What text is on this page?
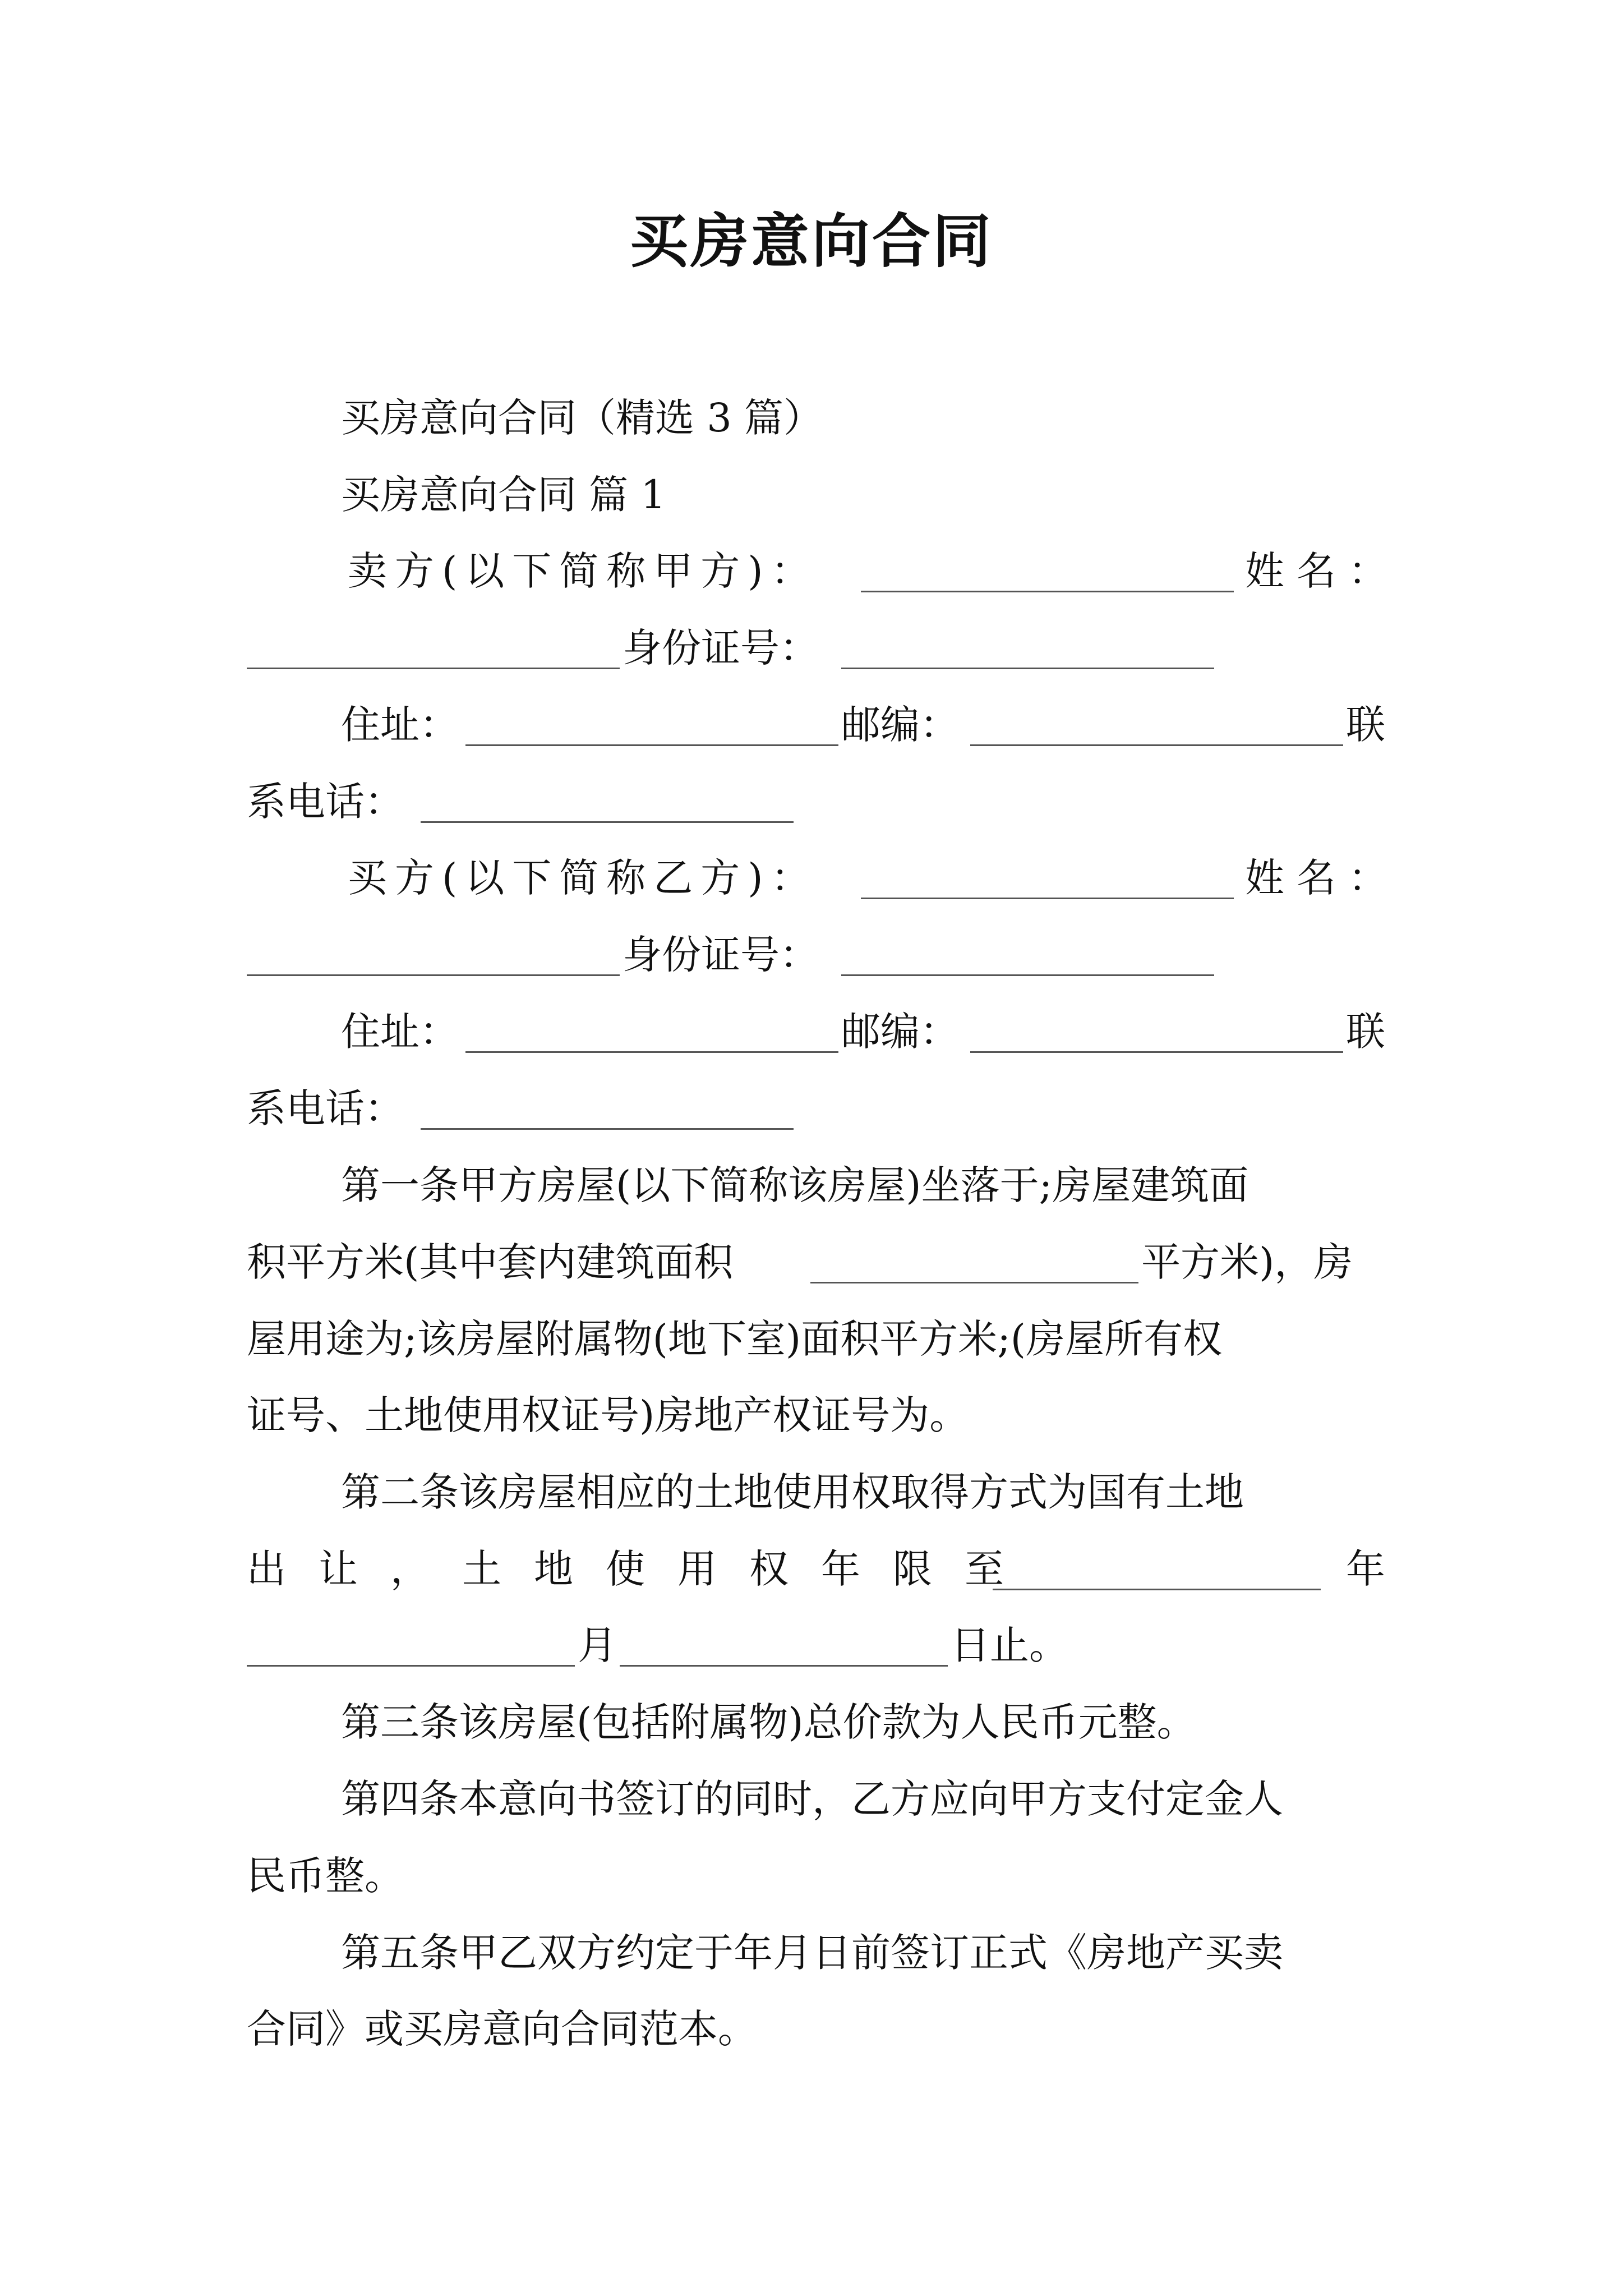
买房意向合同
买房意向合同（精选 3 篇）
买房意向合同 篇 1
卖方(以下简称甲方)：	姓名：
身份证号：
住址：	邮编：	联
系电话：
买方(以下简称乙方)：	姓名：
身份证号：
住址：	邮编：	联
系电话：
第一条甲方房屋(以下简称该房屋)坐落于;房屋建筑面
积平方米(其中套内建筑面积	平方米)，房
屋用途为;该房屋附属物(地下室)面积平方米;(房屋所有权
证号、土地使用权证号)房地产权证号为。
第二条该房屋相应的土地使用权取得方式为国有土地
出让，土地使用权年限至	年
月	日止。
第三条该房屋(包括附属物)总价款为人民币元整。
第四条本意向书签订的同时，乙方应向甲方支付定金人
民币整。
第五条甲乙双方约定于年月日前签订正式《房地产买卖
合同》或买房意向合同范本。
